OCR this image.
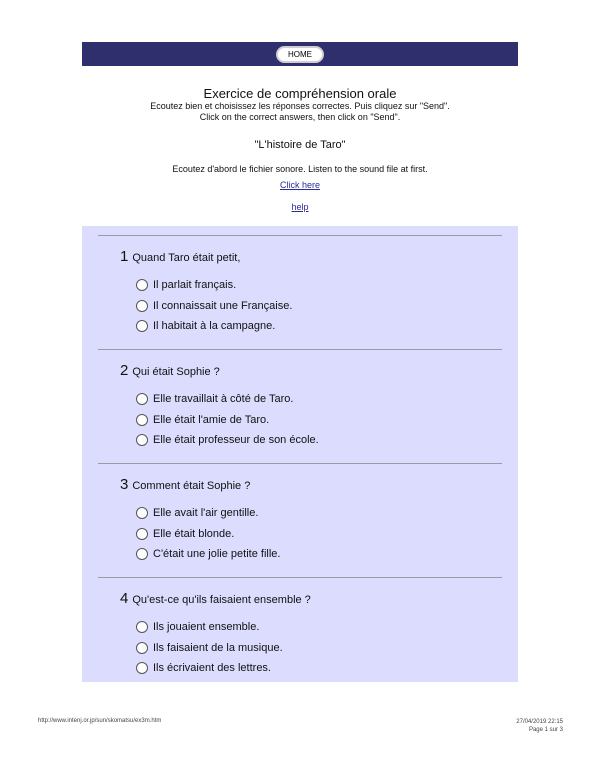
HOME
Exercice de compréhension orale

Ecoutez bien et choisissez les réponses correctes. Puis cliquez sur "Send".

Click on the correct answers, then click on "Send".

"L'histoire de Taro"
Ecoutez d'abord le fichier sonore. Listen to the sound file at first.
Click here
help
1 Quand Taro était petit,
Il parlait français.
Il connaissait une Française.
Il habitait à la campagne.
2 Qui était Sophie ?
Elle travaillait à côté de Taro.
Elle était l'amie de Taro.
Elle était professeur de son école.
3 Comment était Sophie ?
Elle avait l'air gentille.
Elle était blonde.
C'était une jolie petite fille.
4 Qu'est-ce qu'ils faisaient ensemble ?
Ils jouaient ensemble.
Ils faisaient de la musique.
Ils écrivaient des lettres.
http://www.intenj.or.jp/sun/skomatsu/ex3m.htm	27/04/2019 22:15
Page 1 sur 3
